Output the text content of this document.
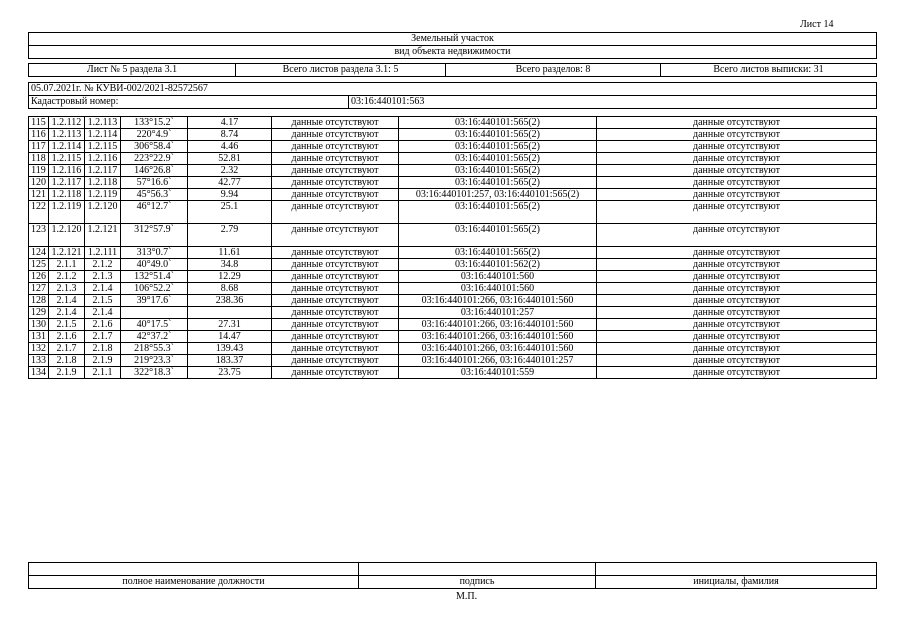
Лист 14
Земельный участок
вид объекта недвижимости
Лист № 5 раздела 3.1	Всего листов раздела 3.1: 5	Всего разделов: 8	Всего листов выписки: 31
05.07.2021г. № КУВИ-002/2021-82572567
Кадастровый номер:	03:16:440101:563
115	1.2.112	1.2.113	133°15.2`	4.17	данные отсутствуют	03:16:440101:565(2)	данные отсутствуют
116	1.2.113	1.2.114	220°4.9`	8.74	данные отсутствуют	03:16:440101:565(2)	данные отсутствуют
117	1.2.114	1.2.115	306°58.4`	4.46	данные отсутствуют	03:16:440101:565(2)	данные отсутствуют
118	1.2.115	1.2.116	223°22.9`	52.81	данные отсутствуют	03:16:440101:565(2)	данные отсутствуют
119	1.2.116	1.2.117	146°26.8`	2.32	данные отсутствуют	03:16:440101:565(2)	данные отсутствуют
120	1.2.117	1.2.118	57°16.6`	42.77	данные отсутствуют	03:16:440101:565(2)	данные отсутствуют
121	1.2.118	1.2.119	45°56.3`	9.94	данные отсутствуют	03:16:440101:257, 03:16:440101:565(2)	данные отсутствуют
122	1.2.119	1.2.120	46°12.7`	25.1	данные отсутствуют	03:16:440101:565(2)	данные отсутствуют
123	1.2.120	1.2.121	312°57.9`	2.79	данные отсутствуют	03:16:440101:565(2)	данные отсутствуют
124	1.2.121	1.2.111	313°0.7`	11.61	данные отсутствуют	03:16:440101:565(2)	данные отсутствуют
125	2.1.1	2.1.2	40°49.0`	34.8	данные отсутствуют	03:16:440101:562(2)	данные отсутствуют
126	2.1.2	2.1.3	132°51.4`	12.29	данные отсутствуют	03:16:440101:560	данные отсутствуют
127	2.1.3	2.1.4	106°52.2`	8.68	данные отсутствуют	03:16:440101:560	данные отсутствуют
128	2.1.4	2.1.5	39°17.6`	238.36	данные отсутствуют	03:16:440101:266, 03:16:440101:560	данные отсутствуют
129	2.1.4	2.1.4			данные отсутствуют	03:16:440101:257	данные отсутствуют
130	2.1.5	2.1.6	40°17.5`	27.31	данные отсутствуют	03:16:440101:266, 03:16:440101:560	данные отсутствуют
131	2.1.6	2.1.7	42°37.2`	14.47	данные отсутствуют	03:16:440101:266, 03:16:440101:560	данные отсутствуют
132	2.1.7	2.1.8	218°55.3`	139.43	данные отсутствуют	03:16:440101:266, 03:16:440101:560	данные отсутствуют
133	2.1.8	2.1.9	219°23.3`	183.37	данные отсутствуют	03:16:440101:266, 03:16:440101:257	данные отсутствуют
134	2.1.9	2.1.1	322°18.3`	23.75	данные отсутствуют	03:16:440101:559	данные отсутствуют

полное наименование должности	подпись	инициалы, фамилия
М.П.
